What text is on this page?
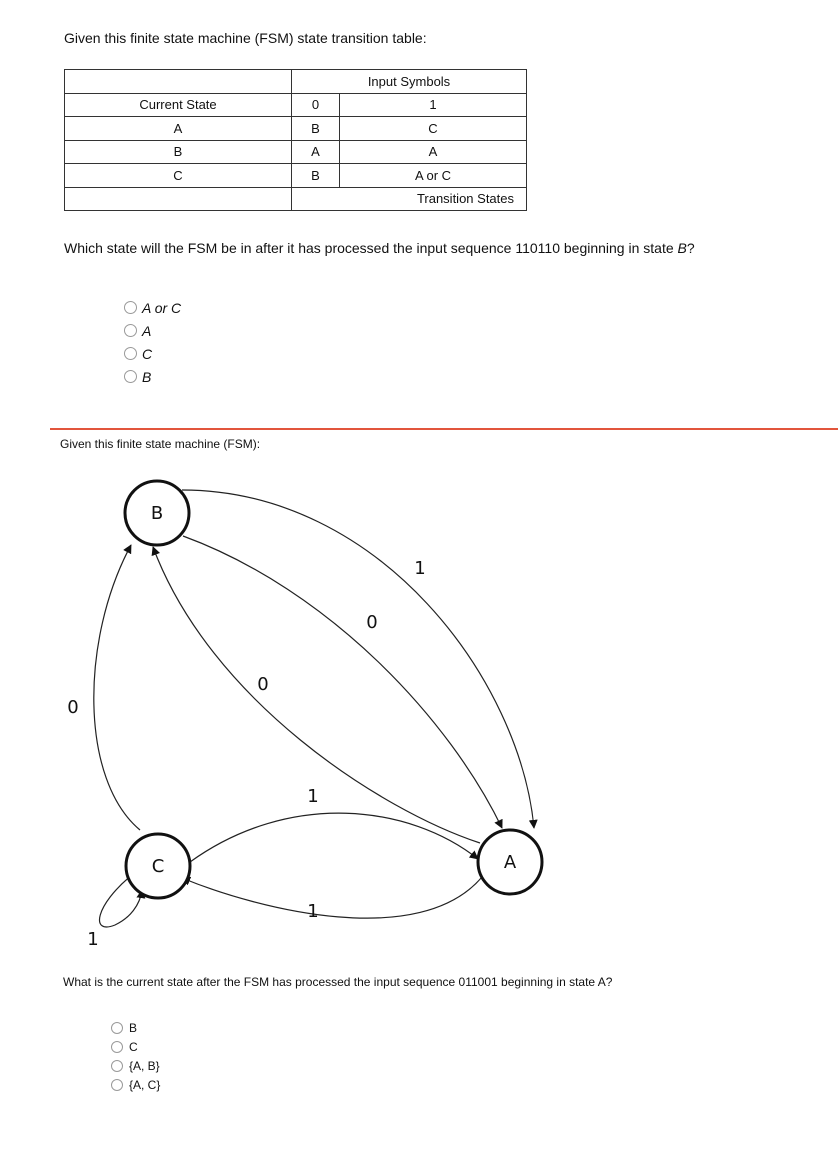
Given this finite state machine (FSM) state transition table:
	Input Symbols	
Current State	0	1
A	B	C
B	A	A
C	B	A or C
	Transition States	
Which state will the FSM be in after it has processed the input sequence 110110 beginning in state B?
A or C
A
C
B
Given this finite state machine (FSM):
B
C	A
1
0
0
0
1
1
1
What is the current state after the FSM has processed the input sequence 011001 beginning in state A?
B
C
{A, B}
{A, C}
